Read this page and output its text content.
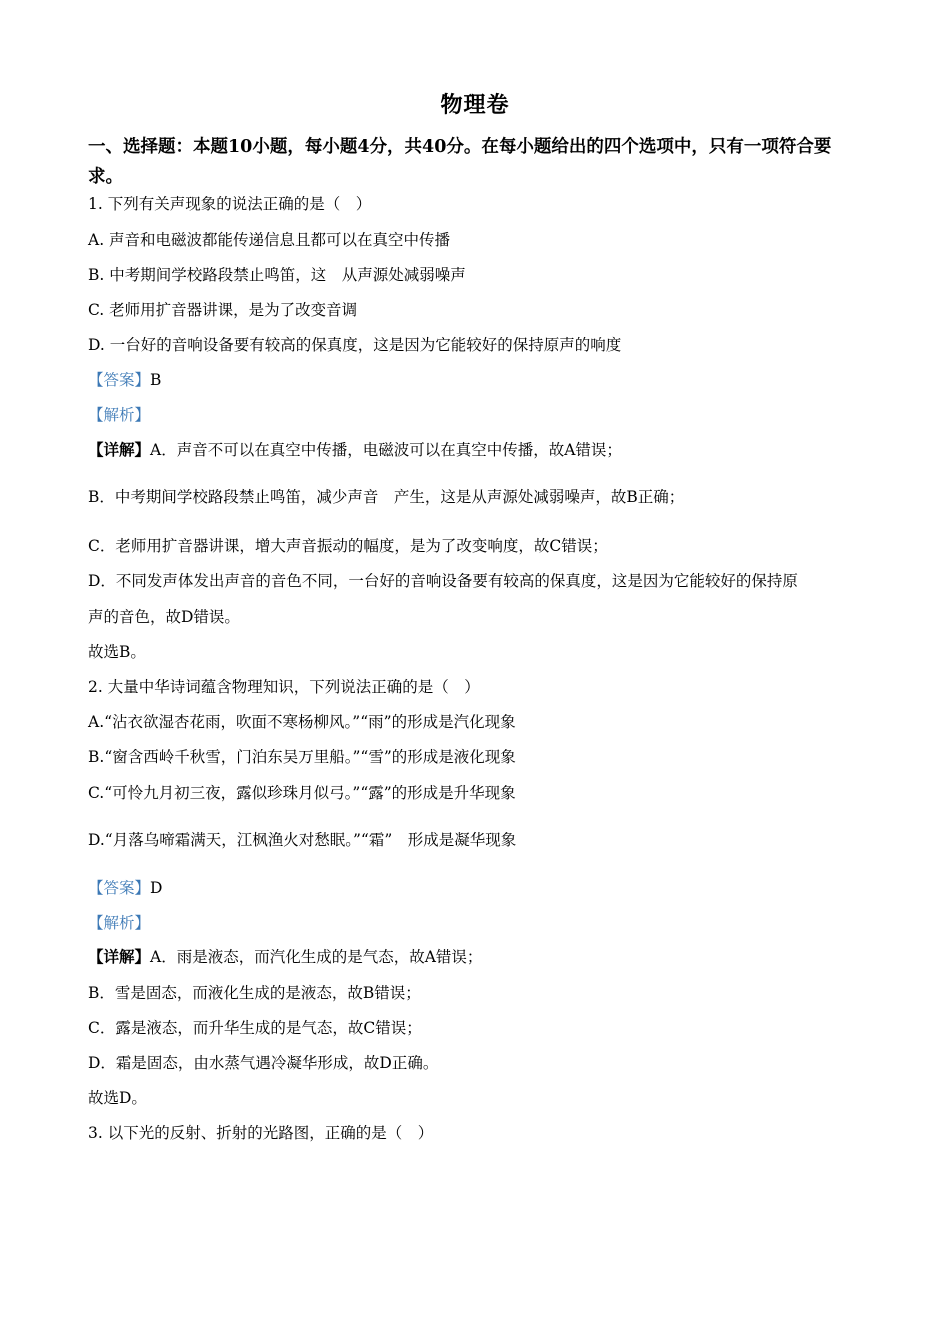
物理卷
一、选择题：本题10小题，每小题4分，共40分。在每小题给出的四个选项中，只有一项符合要求。
1. 下列有关声现象的说法正确的是（　）
A. 声音和电磁波都能传递信息且都可以在真空中传播
B. 中考期间学校路段禁止鸣笛，这　从声源处减弱噪声
C. 老师用扩音器讲课，是为了改变音调
D. 一台好的音响设备要有较高的保真度，这是因为它能较好的保持原声的响度
【答案】B
【解析】
【详解】A．声音不可以在真空中传播，电磁波可以在真空中传播，故A错误；
B．中考期间学校路段禁止鸣笛，减少声音　产生，这是从声源处减弱噪声，故B正确；
C．老师用扩音器讲课，增大声音振动的幅度，是为了改变响度，故C错误；
D．不同发声体发出声音的音色不同，一台好的音响设备要有较高的保真度，这是因为它能较好的保持原
声的音色，故D错误。
故选B。
2. 大量中华诗词蕴含物理知识，下列说法正确的是（　）
A.“沾衣欲湿杏花雨，吹面不寒杨柳风。”“雨”的形成是汽化现象
B.“窗含西岭千秋雪，门泊东吴万里船。”“雪”的形成是液化现象
C.“可怜九月初三夜，露似珍珠月似弓。”“露”的形成是升华现象
D.“月落乌啼霜满天，江枫渔火对愁眠。”“霜”　形成是凝华现象
【答案】D
【解析】
【详解】A．雨是液态，而汽化生成的是气态，故A错误；
B．雪是固态，而液化生成的是液态，故B错误；
C．露是液态，而升华生成的是气态，故C错误；
D．霜是固态，由水蒸气遇冷凝华形成，故D正确。
故选D。
3. 以下光的反射、折射的光路图，正确的是（　）
